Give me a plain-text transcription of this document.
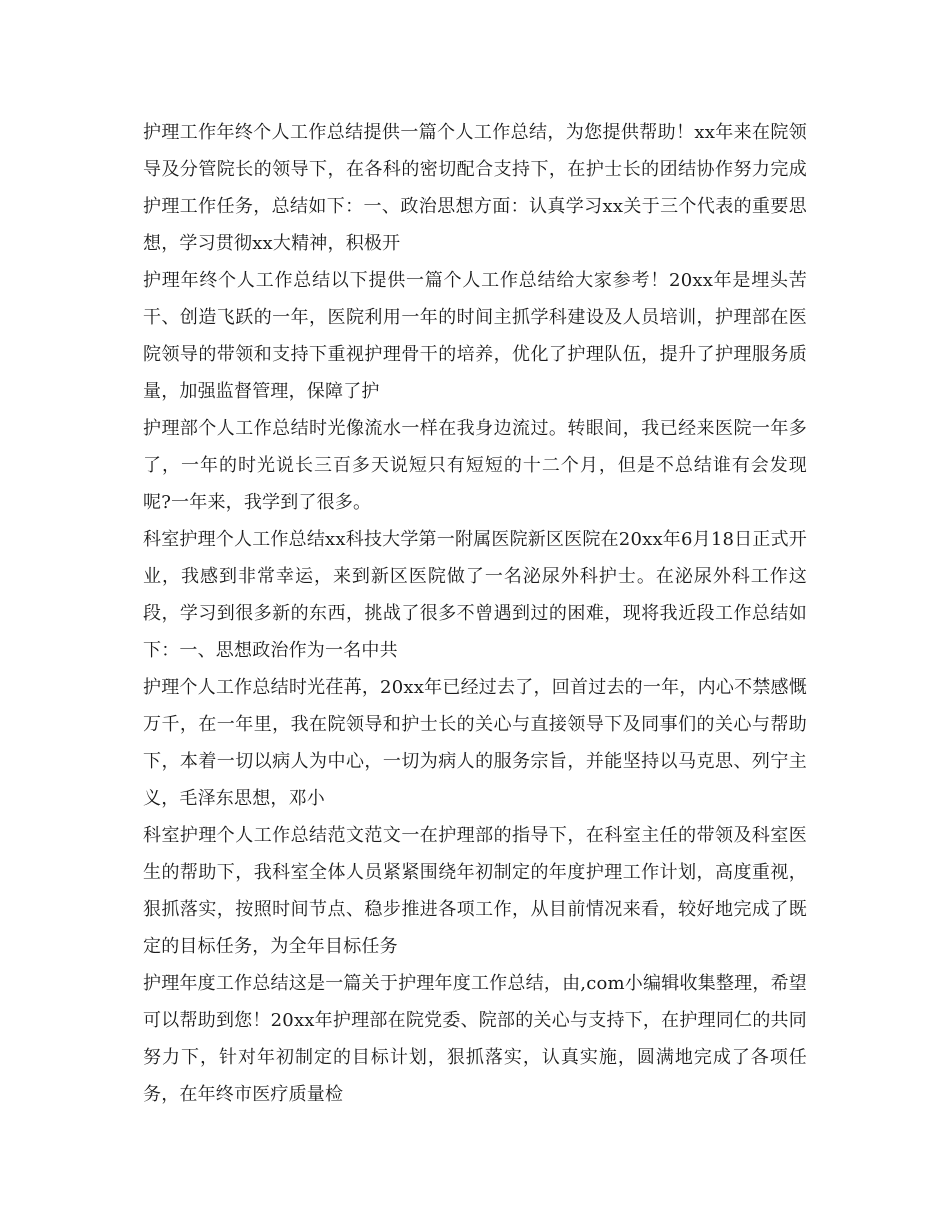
护理工作年终个人工作总结提供一篇个人工作总结，为您提供帮助！xx年来在院领导及分管院长的领导下，在各科的密切配合支持下，在护士长的团结协作努力完成护理工作任务，总结如下：一、政治思想方面：认真学习xx关于三个代表的重要思想，学习贯彻xx大精神，积极开

护理年终个人工作总结以下提供一篇个人工作总结给大家参考！20xx年是埋头苦干、创造飞跃的一年，医院利用一年的时间主抓学科建设及人员培训，护理部在医院领导的带领和支持下重视护理骨干的培养，优化了护理队伍，提升了护理服务质量，加强监督管理，保障了护

护理部个人工作总结时光像流水一样在我身边流过。转眼间，我已经来医院一年多了，一年的时光说长三百多天说短只有短短的十二个月，但是不总结谁有会发现呢?一年来，我学到了很多。

科室护理个人工作总结xx科技大学第一附属医院新区医院在20xx年6月18日正式开业，我感到非常幸运，来到新区医院做了一名泌尿外科护士。在泌尿外科工作这段，学习到很多新的东西，挑战了很多不曾遇到过的困难，现将我近段工作总结如下：一、思想政治作为一名中共

护理个人工作总结时光荏苒，20xx年已经过去了，回首过去的一年，内心不禁感慨万千，在一年里，我在院领导和护士长的关心与直接领导下及同事们的关心与帮助下，本着一切以病人为中心，一切为病人的服务宗旨，并能坚持以马克思、列宁主义，毛泽东思想，邓小

科室护理个人工作总结范文范文一在护理部的指导下，在科室主任的带领及科室医生的帮助下，我科室全体人员紧紧围绕年初制定的年度护理工作计划，高度重视，狠抓落实，按照时间节点、稳步推进各项工作，从目前情况来看，较好地完成了既定的目标任务，为全年目标任务

护理年度工作总结这是一篇关于护理年度工作总结，由,com小编辑收集整理，希望可以帮助到您！20xx年护理部在院党委、院部的关心与支持下，在护理同仁的共同努力下，针对年初制定的目标计划，狠抓落实，认真实施，圆满地完成了各项任务，在年终市医疗质量检
